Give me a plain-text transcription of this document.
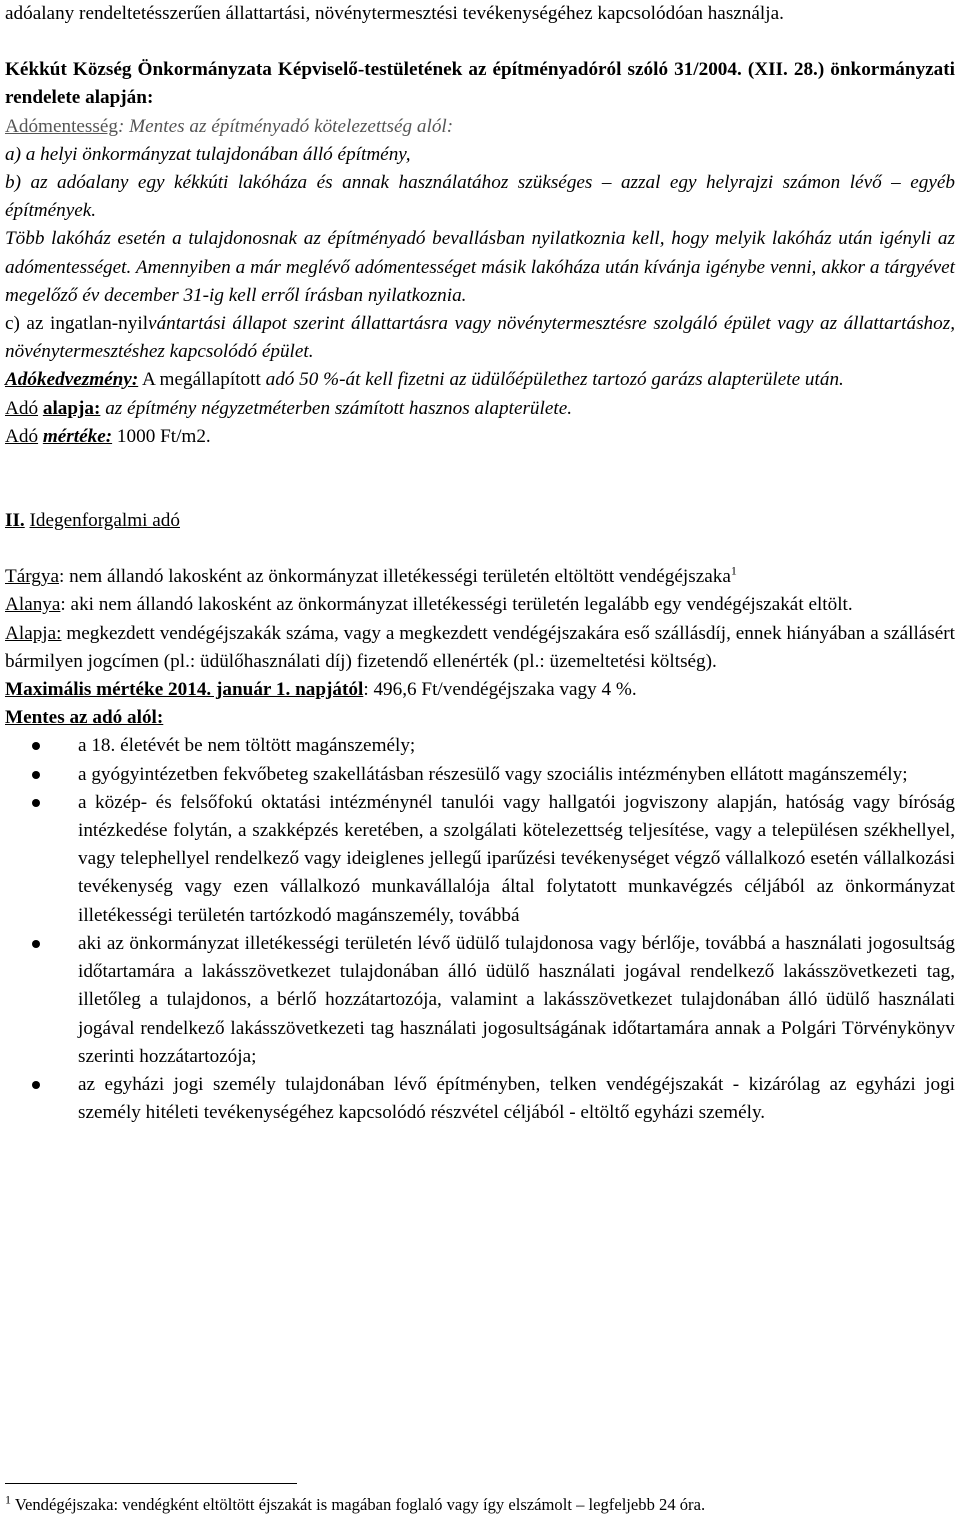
adóalany rendeltetésszerűen állattartási, növénytermesztési tevékenységéhez kapcsolódóan használja.

Kékkút Község Önkormányzata Képviselő-testületének az építményadóról szóló 31/2004. (XII. 28.) önkormányzati rendelete alapján:

Adómentesség: Mentes az építményadó kötelezettség alól:

a) a helyi önkormányzat tulajdonában álló építmény,

b) az adóalany egy kékkúti lakóháza és annak használatához szükséges – azzal egy helyrajzi számon lévő – egyéb építmények.

Több lakóház esetén a tulajdonosnak az építményadó bevallásban nyilatkoznia kell, hogy melyik lakóház után igényli az adómentességet. Amennyiben a már meglévő adómentességet másik lakóháza után kívánja igénybe venni, akkor a tárgyévet megelőző év december 31-ig kell erről írásban nyilatkoznia.

c) az ingatlan-nyilvántartási állapot szerint állattartásra vagy növénytermesztésre szolgáló épület vagy az állattartáshoz, növénytermesztéshez kapcsolódó épület.

Adókedvezmény: A megállapított adó 50 %-át kell fizetni az üdülőépülethez tartozó garázs alapterülete után.

Adó alapja: az építmény négyzetméterben számított hasznos alapterülete.

Adó mértéke: 1000 Ft/m2.

II. Idegenforgalmi adó

Tárgya: nem állandó lakosként az önkormányzat illetékességi területén eltöltött vendégéjszaka$^1$

Alanya: aki nem állandó lakosként az önkormányzat illetékességi területén legalább egy vendégéjszakát eltölt.

Alapja: megkezdett vendégéjszakák száma, vagy a megkezdett vendégéjszakára eső szállásdíj, ennek hiányában a szállásért bármilyen jogcímen (pl.: üdülőhasználati díj) fizetendő ellenérték (pl.: üzemeltetési költség).

Maximális mértéke 2014. január 1. napjától: 496,6 Ft/vendégéjszaka vagy 4 %.

Mentes az adó alól:

a 18. életévét be nem töltött magánszemély;
a gyógyintézetben fekvőbeteg szakellátásban részesülő vagy szociális intézményben ellátott magánszemély;
a közép- és felsőfokú oktatási intézménynél tanulói vagy hallgatói jogviszony alapján, hatóság vagy bíróság intézkedése folytán, a szakképzés keretében, a szolgálati kötelezettség teljesítése, vagy a településen székhellyel, vagy telephellyel rendelkező vagy ideiglenes jellegű iparűzési tevékenységet végző vállalkozó esetén vállalkozási tevékenység vagy ezen vállalkozó munkavállalója által folytatott munkavégzés céljából az önkormányzat illetékességi területén tartózkodó magánszemély, továbbá
aki az önkormányzat illetékességi területén lévő üdülő tulajdonosa vagy bérlője, továbbá a használati jogosultság időtartamára a lakásszövetkezet tulajdonában álló üdülő használati jogával rendelkező lakásszövetkezeti tag, illetőleg a tulajdonos, a bérlő hozzátartozója, valamint a lakásszövetkezet tulajdonában álló üdülő használati jogával rendelkező lakásszövetkezeti tag használati jogosultságának időtartamára annak a Polgári Törvénykönyv szerinti hozzátartozója;
az egyházi jogi személy tulajdonában lévő építményben, telken vendégéjszakát - kizárólag az egyházi jogi személy hitéleti tevékenységéhez kapcsolódó részvétel céljából - eltöltő egyházi személy.
$^1$ Vendégéjszaka: vendégként eltöltött éjszakát is magában foglaló vagy így elszámolt – legfeljebb 24 óra.
